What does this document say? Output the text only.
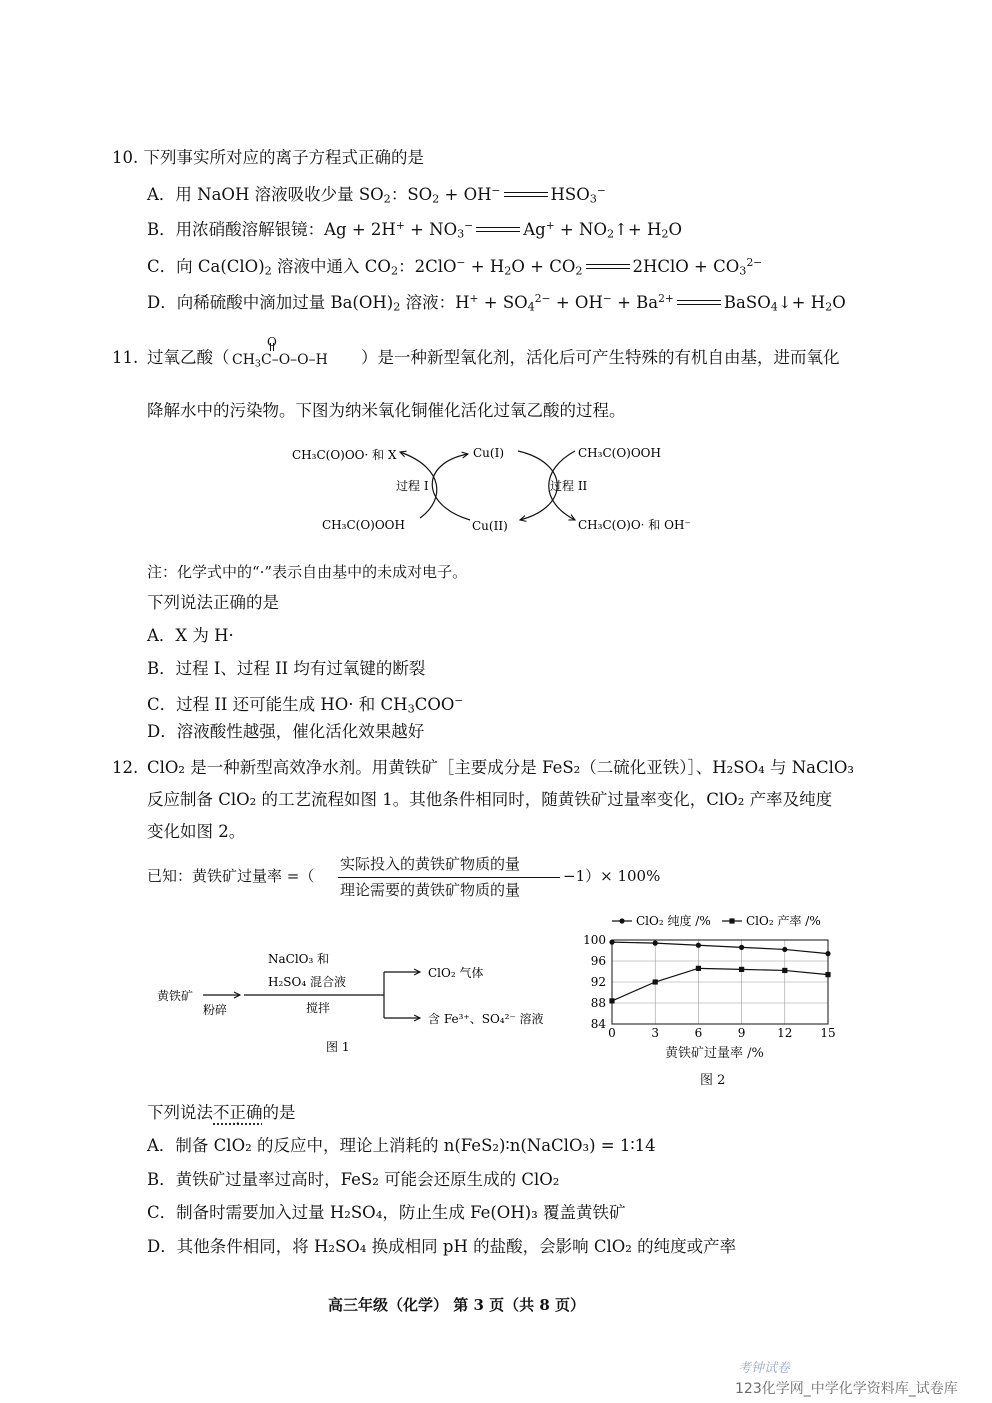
10. 下列事实所对应的离子方程式正确的是
A．用 NaOH 溶液吸收少量 $SO_2$：$SO_2 + OH^-$	$HSO_3^-$
B．用浓硝酸溶解银镜：$Ag + 2H^+ + NO_3^-$	$Ag^+ + NO_2↑+ H_2O$
C．向 $Ca(ClO)_2$ 溶液中通入 $CO_2$：$2ClO^- + H_2O + CO_2$	2HClO + $CO_3^{2-}$
D．向稀硫酸中滴加过量 $Ba(OH)_2$ 溶液：$H^+ + SO_4^{2-} + OH^- + Ba^{2+}$	BaSO$_4$↓+ $H_2O$
11. 过氧乙酸（ $CH_3C-O-O-H$
O
）是一种新型氧化剂，活化后可产生特殊的有机自由基，进而氧化
降解水中的污染物。下图为纳米氧化铜催化活化过氧乙酸的过程。
CH₃C(O)OO· 和 X
CH₃C(O)OOH
Cu(I)
Cu(II)
CH₃C(O)OOH
CH₃C(O)O· 和 OH⁻
过程 I	过程 II
注：化学式中的“·”表示自由基中的未成对电子。
下列说法正确的是
A．X 为 H·
B．过程 I、过程 II 均有过氧键的断裂
C．过程 II 还可能生成 HO· 和 $CH_3COO^-$
D．溶液酸性越强，催化活化效果越好
12. ClO₂ 是一种新型高效净水剂。用黄铁矿［主要成分是 FeS₂（二硫化亚铁）］、H₂SO₄ 与 NaClO₃
反应制备 ClO₂ 的工艺流程如图 1。其他条件相同时，随黄铁矿过量率变化，ClO₂ 产率及纯度
变化如图 2。
已知：黄铁矿过量率 =（
实际投入的黄铁矿物质的量
理论需要的黄铁矿物质的量
−1）× 100%
黄铁矿
粉碎
NaClO₃ 和
H₂SO₄ 混合液
搅拌
ClO₂ 气体
含 Fe³⁺、SO₄²⁻ 溶液
图 1
84
88
92
96
100
0	3	6	9	12 15
ClO₂ 纯度 /%	ClO₂ 产率 /%
黄铁矿过量率 /%
图 2
下列说法不正确的是
A．制备 ClO₂ 的反应中，理论上消耗的 n(FeS₂)∶n(NaClO₃) = 1∶14
B．黄铁矿过量率过高时，FeS₂ 可能会还原生成的 ClO₂
C．制备时需要加入过量 H₂SO₄，防止生成 Fe(OH)₃ 覆盖黄铁矿
D．其他条件相同，将 H₂SO₄ 换成相同 pH 的盐酸，会影响 ClO₂ 的纯度或产率
高三年级（化学） 第 3 页（共 8 页）
考钟试卷
123化学网_中学化学资料库_试卷库
